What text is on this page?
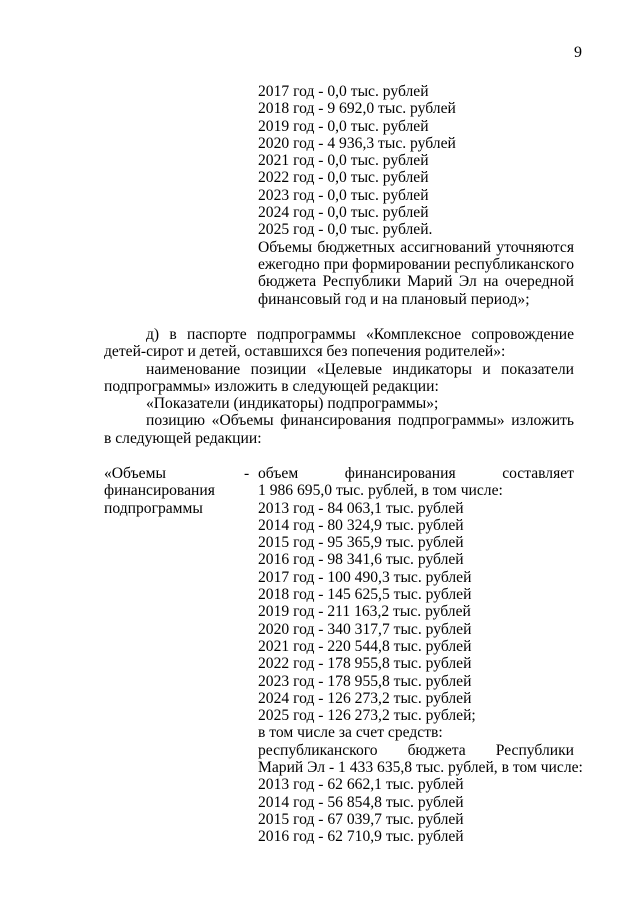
9
2017 год - 0,0 тыс. рублей
2018 год - 9 692,0 тыс. рублей
2019 год - 0,0 тыс. рублей
2020 год - 4 936,3 тыс. рублей
2021 год - 0,0 тыс. рублей
2022 год - 0,0 тыс. рублей
2023 год - 0,0 тыс. рублей
2024 год - 0,0 тыс. рублей
2025 год - 0,0 тыс. рублей.
Объемы бюджетных ассигнований уточняются
ежегодно при формировании республиканского
бюджета Республики Марий Эл на очередной
финансовый год и на плановый период»;
д) в паспорте подпрограммы «Комплексное сопровождение
детей-сирот и детей, оставшихся без попечения родителей»:
наименование позиции «Целевые индикаторы и показатели
подпрограммы» изложить в следующей редакции:
«Показатели (индикаторы) подпрограммы»;
позицию «Объемы финансирования подпрограммы» изложить
в следующей редакции:
«Объемы
финансирования
подпрограммы
- объем финансирования составляет
1 986 695,0 тыс. рублей, в том числе:
2013 год - 84 063,1 тыс. рублей
2014 год - 80 324,9 тыс. рублей
2015 год - 95 365,9 тыс. рублей
2016 год - 98 341,6 тыс. рублей
2017 год - 100 490,3 тыс. рублей
2018 год - 145 625,5 тыс. рублей
2019 год - 211 163,2 тыс. рублей
2020 год - 340 317,7 тыс. рублей
2021 год - 220 544,8 тыс. рублей
2022 год - 178 955,8 тыс. рублей
2023 год - 178 955,8 тыс. рублей
2024 год - 126 273,2 тыс. рублей
2025 год - 126 273,2 тыс. рублей;
в том числе за счет средств:
республиканского бюджета Республики
Марий Эл - 1 433 635,8 тыс. рублей, в том числе:
2013 год - 62 662,1 тыс. рублей
2014 год - 56 854,8 тыс. рублей
2015 год - 67 039,7 тыс. рублей
2016 год - 62 710,9 тыс. рублей
